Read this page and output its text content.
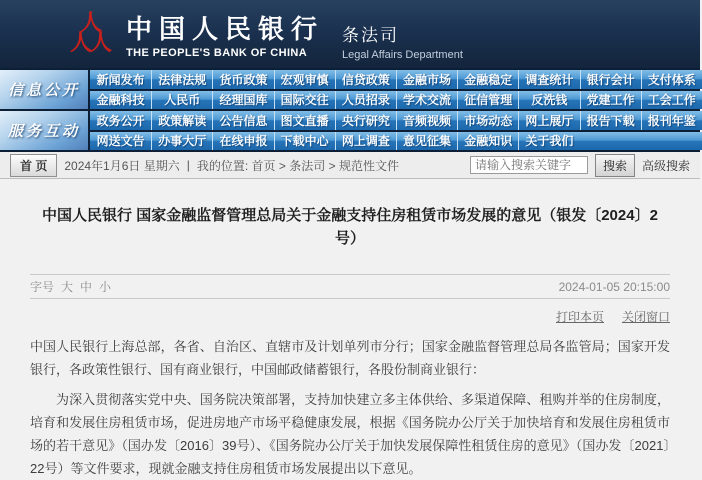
人
人
人 中国人民银行
THE PEOPLE'S BANK OF CHINA
条法司
Legal Affairs Department
信息公开
新闻发布	法律法规	货币政策	宏观审慎	信贷政策	金融市场	金融稳定	调查统计	银行会计	支付体系
金融科技	人民币	经理国库	国际交往	人员招录	学术交流	征信管理	反洗钱	党建工作	工会工作
服务互动
政务公开	政策解读	公告信息	图文直播	央行研究	音频视频	市场动态	网上展厅	报告下载	报刊年鉴
网送文告	办事大厅	在线申报	下载中心	网上调查	意见征集	金融知识	关于我们
首 页	2024年1月6日 星期六 | 我的位置: 首页 > 条法司 > 规范性文件
请输入搜索关键字	搜索	高级搜索
中国人民银行 国家金融监督管理总局关于金融支持住房租赁市场发展的意见（银发〔2024〕2号）
字号 大 中 小	2024-01-05 20:15:00
打印本页 关闭窗口

中国人民银行上海总部，各省、自治区、直辖市及计划单列市分行；国家金融监督管理总局各监管局；国家开发银行，各政策性银行、国有商业银行，中国邮政储蓄银行，各股份制商业银行：

为深入贯彻落实党中央、国务院决策部署，支持加快建立多主体供给、多渠道保障、租购并举的住房制度，培育和发展住房租赁市场，促进房地产市场平稳健康发展，根据《国务院办公厅关于加快培育和发展住房租赁市场的若干意见》（国办发〔2016〕39号）、《国务院办公厅关于加快发展保障性租赁住房的意见》（国办发〔2021〕22号）等文件要求，现就金融支持住房租赁市场发展提出以下意见。
